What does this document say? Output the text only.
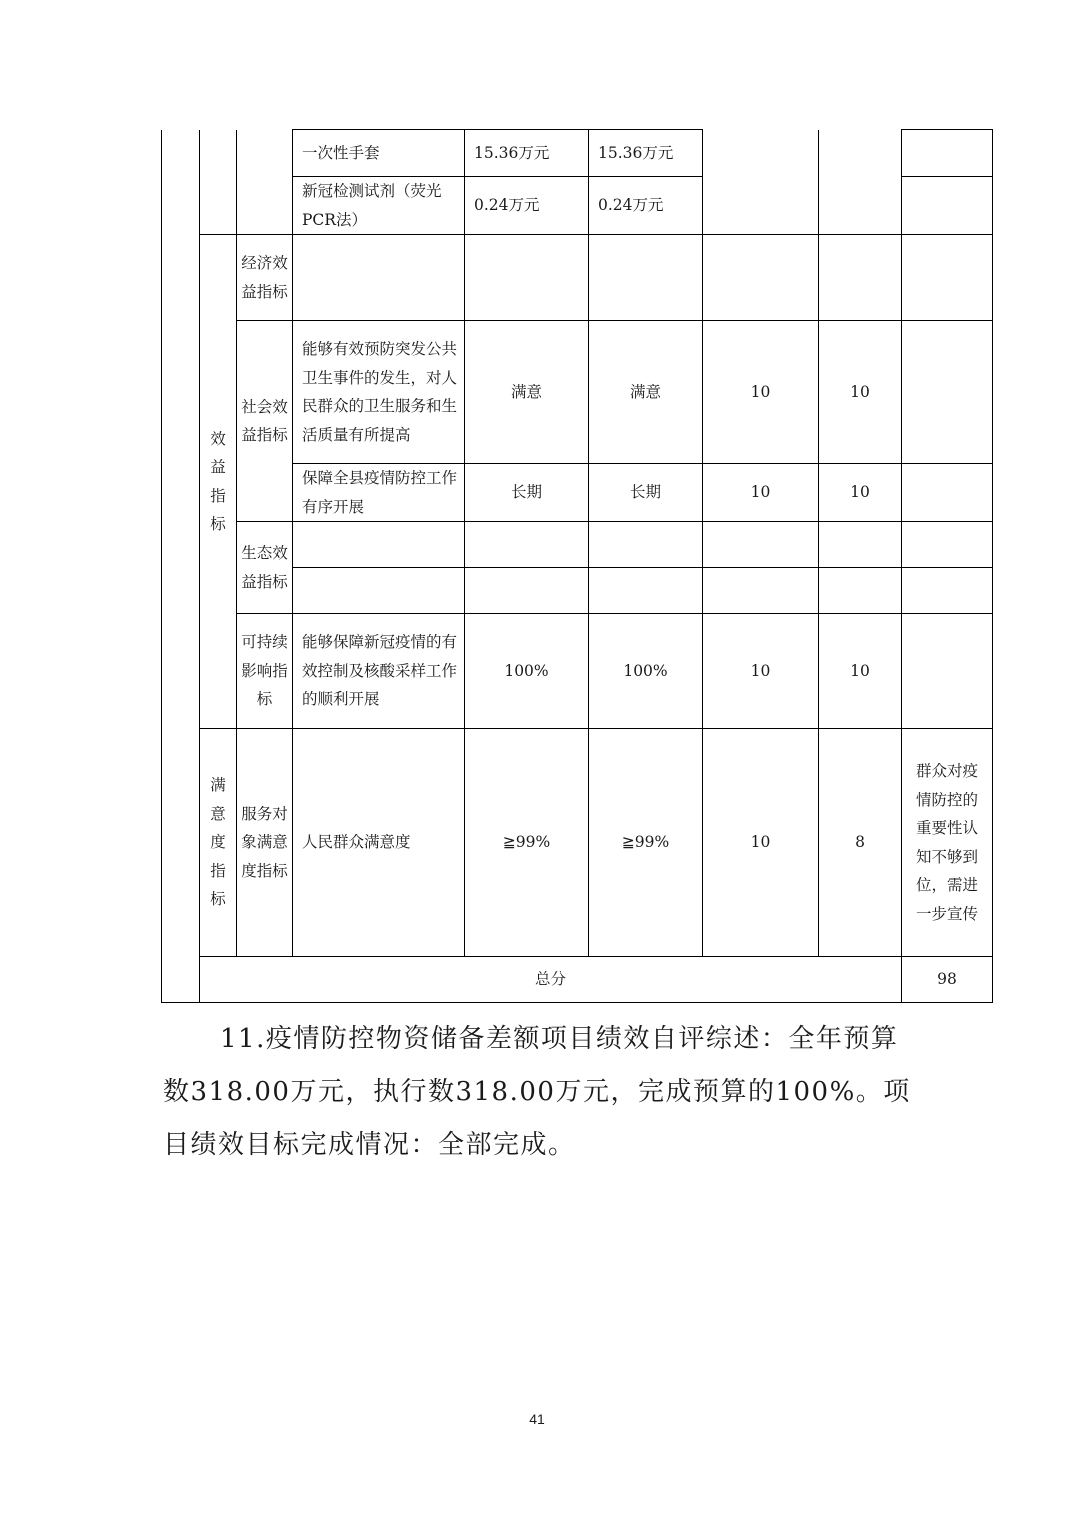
			一次性手套	15.36万元	15.36万元				
			新冠检测试剂（荧光PCR法）	0.24万元	0.24万元				
	效益指标	经济效益指标							
		社会效益指标	能够有效预防突发公共卫生事件的发生，对人民群众的卫生服务和生活质量有所提高	满意	满意	10	10		
			保障全县疫情防控工作有序开展	长期	长期	10	10		
		生态效益指标							

		可持续影响指标	能够保障新冠疫情的有效控制及核酸采样工作的顺利开展	100%	100%	10	10		
	满意度指标	服务对象满意度指标	人民群众满意度	≧99%	≧99%	10	8	群众对疫情防控的重要性认知不够到位，需进一步宣传	
	总分							98	

11.疫情防控物资储备差额项目绩效自评综述：全年预算数318.00万元，执行数318.00万元，完成预算的100%。项目绩效目标完成情况：全部完成。

41
